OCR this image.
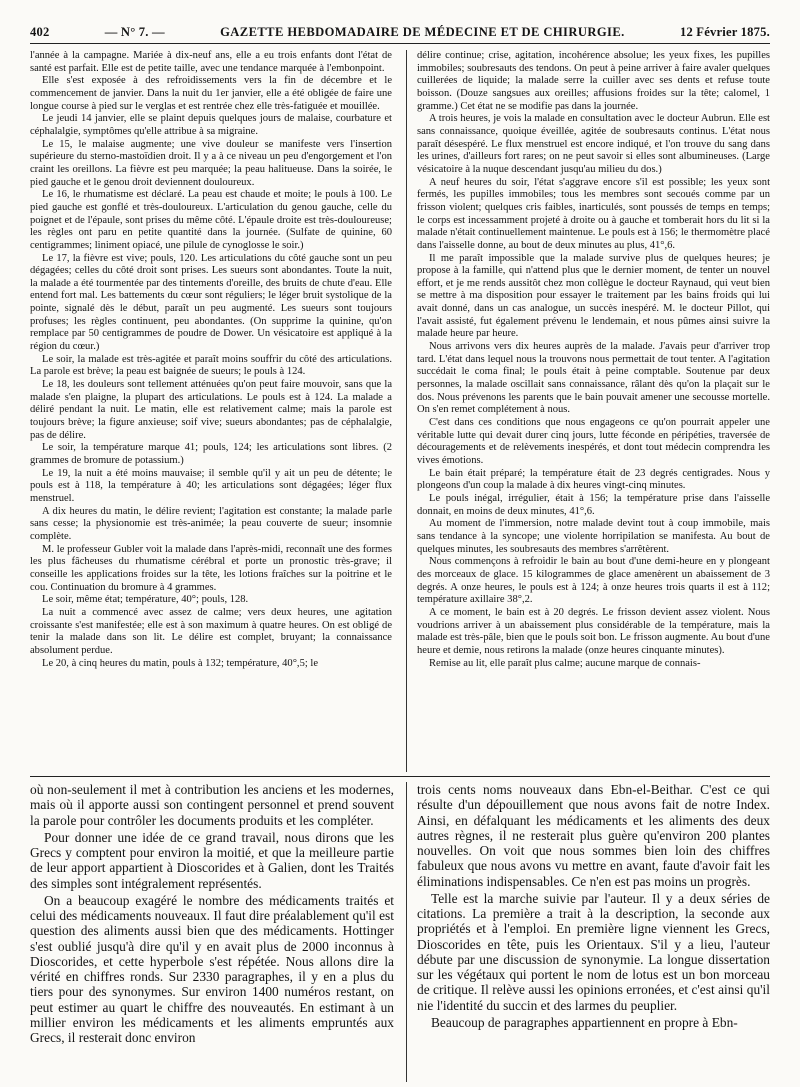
402	— N° 7. —	GAZETTE HEBDOMADAIRE DE MÉDECINE ET DE CHIRURGIE.	12 Février 1875.

l'année à la campagne. Mariée à dix-neuf ans, elle a eu trois enfants dont l'état de santé est parfait. Elle est de petite taille, avec une tendance marquée à l'embonpoint.

Elle s'est exposée à des refroidissements vers la fin de décembre et le commencement de janvier. Dans la nuit du 1er janvier, elle a été obligée de faire une longue course à pied sur le verglas et est rentrée chez elle très-fatiguée et mouillée.

Le jeudi 14 janvier, elle se plaint depuis quelques jours de malaise, courbature et céphalalgie, symptômes qu'elle attribue à sa migraine.

Le 15, le malaise augmente; une vive douleur se manifeste vers l'insertion supérieure du sterno-mastoïdien droit. Il y a à ce niveau un peu d'engorgement et l'on craint les oreillons. La fièvre est peu marquée; la peau halitueuse. Dans la soirée, le pied gauche et le genou droit deviennent douloureux.

Le 16, le rhumatisme est déclaré. La peau est chaude et moite; le pouls à 100. Le pied gauche est gonflé et très-douloureux. L'articulation du genou gauche, celle du poignet et de l'épaule, sont prises du même côté. L'épaule droite est très-douloureuse; les règles ont paru en petite quantité dans la journée. (Sulfate de quinine, 60 centigrammes; liniment opiacé, une pilule de cynoglosse le soir.)

Le 17, la fièvre est vive; pouls, 120. Les articulations du côté gauche sont un peu dégagées; celles du côté droit sont prises. Les sueurs sont abondantes. Toute la nuit, la malade a été tourmentée par des tintements d'oreille, des bruits de chute d'eau. Elle entend fort mal. Les battements du cœur sont réguliers; le léger bruit systolique de la pointe, signalé dès le début, paraît un peu augmenté. Les sueurs sont toujours profuses; les règles continuent, peu abondantes. (On supprime la quinine, qu'on remplace par 50 centigrammes de poudre de Dower. Un vésicatoire est appliqué à la région du cœur.)

Le soir, la malade est très-agitée et paraît moins souffrir du côté des articulations. La parole est brève; la peau est baignée de sueurs; le pouls à 124.

Le 18, les douleurs sont tellement atténuées qu'on peut faire mouvoir, sans que la malade s'en plaigne, la plupart des articulations. Le pouls est à 124. La malade a déliré pendant la nuit. Le matin, elle est relativement calme; mais la parole est toujours brève; la figure anxieuse; soif vive; sueurs abondantes; pas de céphalalgie, pas de délire.

Le soir, la température marque 41; pouls, 124; les articulations sont libres. (2 grammes de bromure de potassium.)

Le 19, la nuit a été moins mauvaise; il semble qu'il y ait un peu de détente; le pouls est à 118, la température à 40; les articulations sont dégagées; léger flux menstruel.

A dix heures du matin, le délire revient; l'agitation est constante; la malade parle sans cesse; la physionomie est très-animée; la peau couverte de sueur; insomnie complète.

M. le professeur Gubler voit la malade dans l'après-midi, reconnaît une des formes les plus fâcheuses du rhumatisme cérébral et porte un pronostic très-grave; il conseille les applications froides sur la tête, les lotions fraîches sur la poitrine et le cou. Continuation du bromure à 4 grammes.

Le soir, même état; température, 40°; pouls, 128.

La nuit a commencé avec assez de calme; vers deux heures, une agitation croissante s'est manifestée; elle est à son maximum à quatre heures. On est obligé de tenir la malade dans son lit. Le délire est complet, bruyant; la connaissance absolument perdue.

Le 20, à cinq heures du matin, pouls à 132; température, 40°,5; le

délire continue; crise, agitation, incohérence absolue; les yeux fixes, les pupilles immobiles; soubresauts des tendons. On peut à peine arriver à faire avaler quelques cuillerées de liquide; la malade serre la cuiller avec ses dents et refuse toute boisson. (Douze sangsues aux oreilles; affusions froides sur la tête; calomel, 1 gramme.) Cet état ne se modifie pas dans la journée.

A trois heures, je vois la malade en consultation avec le docteur Aubrun. Elle est sans connaissance, quoique éveillée, agitée de soubresauts continus. L'état nous paraît désespéré. Le flux menstruel est encore indiqué, et l'on trouve du sang dans les urines, d'ailleurs fort rares; on ne peut savoir si elles sont albumineuses. (Large vésicatoire à la nuque descendant jusqu'au milieu du dos.)

A neuf heures du soir, l'état s'aggrave encore s'il est possible; les yeux sont fermés, les pupilles immobiles; tous les membres sont secoués comme par un frisson violent; quelques cris faibles, inarticulés, sont poussés de temps en temps; le corps est incessamment projeté à droite ou à gauche et tomberait hors du lit si la malade n'était continuellement maintenue. Le pouls est à 156; le thermomètre placé dans l'aisselle donne, au bout de deux minutes au plus, 41°,6.

Il me paraît impossible que la malade survive plus de quelques heures; je propose à la famille, qui n'attend plus que le dernier moment, de tenter un nouvel effort, et je me rends aussitôt chez mon collègue le docteur Raynaud, qui veut bien se mettre à ma disposition pour essayer le traitement par les bains froids qui lui avait donné, dans un cas analogue, un succès inespéré. M. le docteur Pillot, qui l'avait assisté, fut également prévenu le lendemain, et nous pûmes ainsi suivre la malade heure par heure.

Nous arrivons vers dix heures auprès de la malade. J'avais peur d'arriver trop tard. L'état dans lequel nous la trouvons nous permettait de tout tenter. A l'agitation succédait le coma final; le pouls était à peine comptable. Soutenue par deux personnes, la malade oscillait sans connaissance, râlant dès qu'on la plaçait sur le dos. Nous prévenons les parents que le bain pouvait amener une secousse mortelle. On s'en remet complétement à nous.

C'est dans ces conditions que nous engageons ce qu'on pourrait appeler une véritable lutte qui devait durer cinq jours, lutte féconde en péripéties, traversée de découragements et de relèvements inespérés, et dont tout médecin comprendra les vives émotions.

Le bain était préparé; la température était de 23 degrés centigrades. Nous y plongeons d'un coup la malade à dix heures vingt-cinq minutes.

Le pouls inégal, irrégulier, était à 156; la température prise dans l'aisselle donnait, en moins de deux minutes, 41°,6.

Au moment de l'immersion, notre malade devint tout à coup immobile, mais sans tendance à la syncope; une violente horripilation se manifesta. Au bout de quelques minutes, les soubresauts des membres s'arrêtèrent.

Nous commençons à refroidir le bain au bout d'une demi-heure en y plongeant des morceaux de glace. 15 kilogrammes de glace amenèrent un abaissement de 3 degrés. A onze heures, le pouls est à 124; à onze heures trois quarts il est à 112; température axillaire 38°,2.

A ce moment, le bain est à 20 degrés. Le frisson devient assez violent. Nous voudrions arriver à un abaissement plus considérable de la température, mais la malade est très-pâle, bien que le pouls soit bon. Le frisson augmente. Au bout d'une heure et demie, nous retirons la malade (onze heures cinquante minutes).

Remise au lit, elle paraît plus calme; aucune marque de connais-

où non-seulement il met à contribution les anciens et les modernes, mais où il apporte aussi son contingent personnel et prend souvent la parole pour contrôler les documents produits et les compléter.

Pour donner une idée de ce grand travail, nous dirons que les Grecs y comptent pour environ la moitié, et que la meilleure partie de leur apport appartient à Dioscorides et à Galien, dont les Traités des simples sont intégralement représentés.

On a beaucoup exagéré le nombre des médicaments traités et celui des médicaments nouveaux. Il faut dire préalablement qu'il est question des aliments aussi bien que des médicaments. Hottinger s'est oublié jusqu'à dire qu'il y en avait plus de 2000 inconnus à Dioscorides, et cette hyperbole s'est répétée. Nous allons dire la vérité en chiffres ronds. Sur 2330 paragraphes, il y en a plus du tiers pour des synonymes. Sur environ 1400 numéros restant, on peut estimer au quart le chiffre des nouveautés. En estimant à un millier environ les médicaments et les aliments empruntés aux Grecs, il resterait donc environ

trois cents noms nouveaux dans Ebn-el-Beithar. C'est ce qui résulte d'un dépouillement que nous avons fait de notre Index. Ainsi, en défalquant les médicaments et les aliments des deux autres règnes, il ne resterait plus guère qu'environ 200 plantes nouvelles. On voit que nous sommes bien loin des chiffres fabuleux que nous avons vu mettre en avant, faute d'avoir fait les éliminations indispensables. Ce n'en est pas moins un progrès.

Telle est la marche suivie par l'auteur. Il y a deux séries de citations. La première a trait à la description, la seconde aux propriétés et à l'emploi. En première ligne viennent les Grecs, Dioscorides en tête, puis les Orientaux. S'il y a lieu, l'auteur débute par une discussion de synonymie. La longue dissertation sur les végétaux qui portent le nom de lotus est un bon morceau de critique. Il relève aussi les opinions erronées, et c'est ainsi qu'il nie l'identité du succin et des larmes du peuplier.

Beaucoup de paragraphes appartiennent en propre à Ebn-
